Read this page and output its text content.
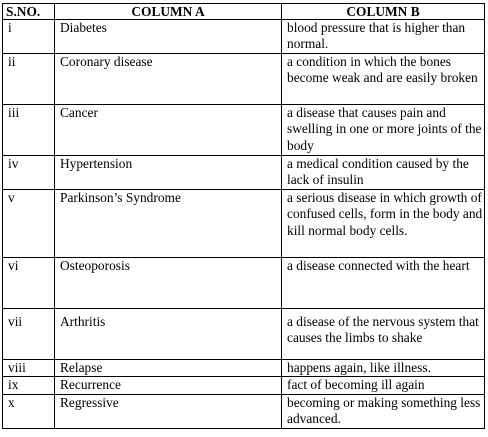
S.NO.	COLUMN A	COLUMN B
i	Diabetes	blood pressure that is higher than normal.
ii	Coronary disease	a condition in which the bones become weak and are easily broken
iii	Cancer	a disease that causes pain and swelling in one or more joints of the body
iv	Hypertension	a medical condition caused by the lack of insulin
v	Parkinson’s Syndrome	a serious disease in which growth of confused cells, form in the body and kill normal body cells.
vi	Osteoporosis	a disease connected with the heart
vii	Arthritis	a disease of the nervous system that causes the limbs to shake
viii	Relapse	happens again, like illness.
ix	Recurrence	fact of becoming ill again
x	Regressive	becoming or making something less advanced.
